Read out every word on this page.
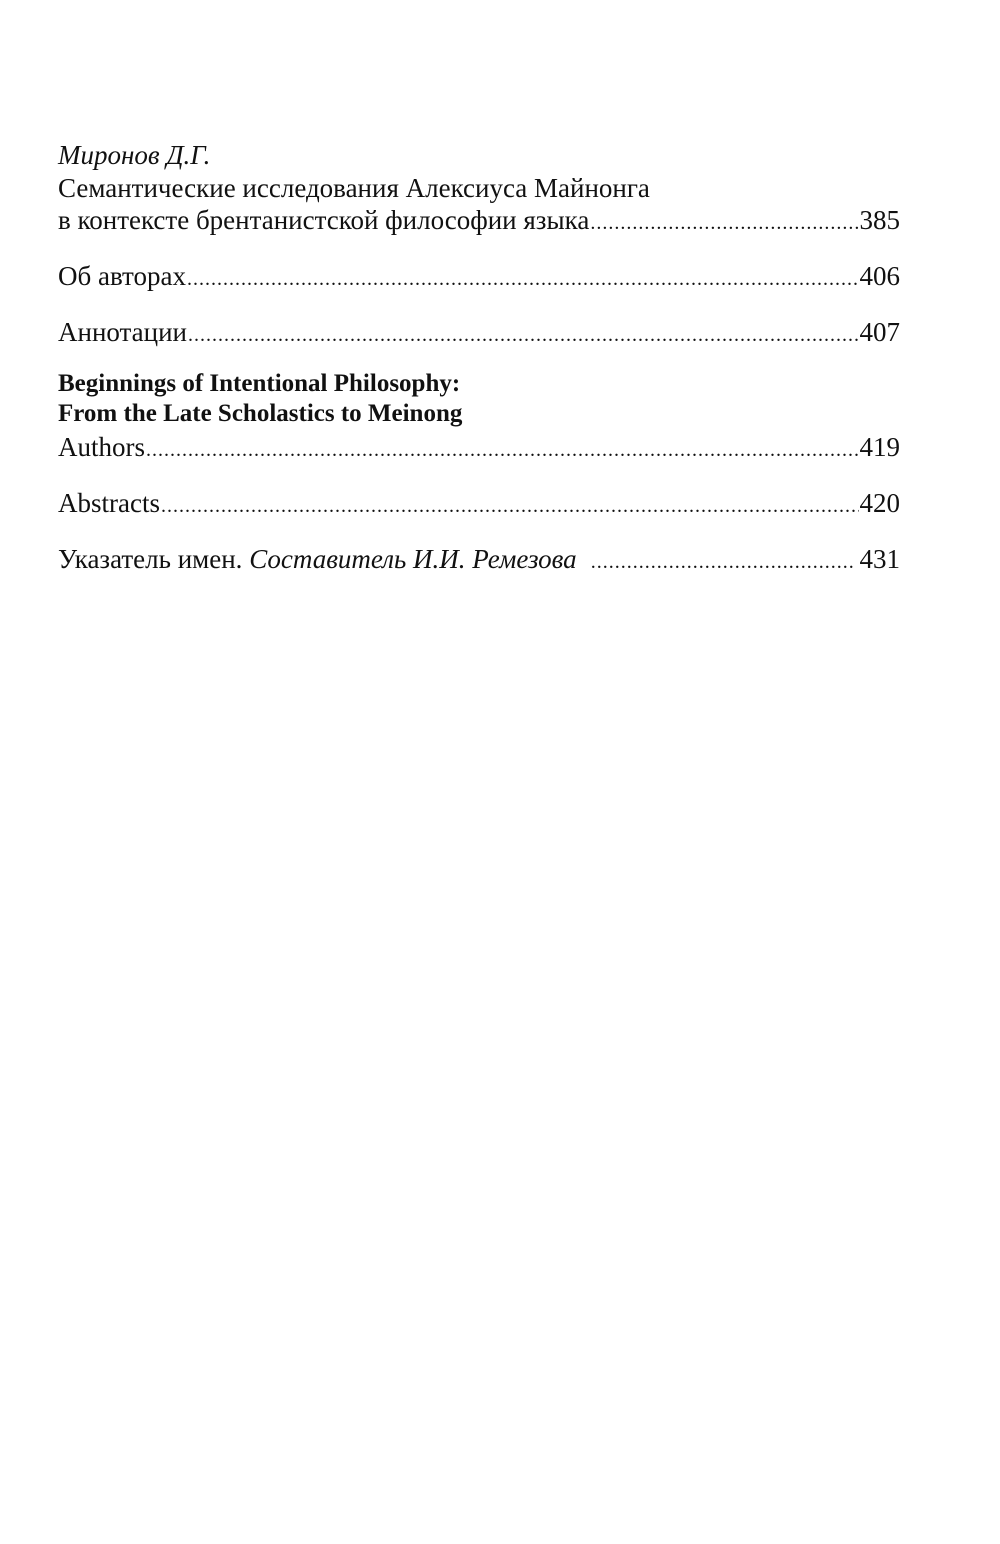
Миронов Д.Г.

Семантические исследования Алексиуса Майнонга
в контексте брентанистской философии языка .....	385
Об авторах .....	406
Аннотации .....	407

Beginnings of Intentional Philosophy:

From the Late Scholastics to Meinong

Authors .....	419
Abstracts .....	420
Указатель имен. Составитель И.И. Ремезова .....	431
